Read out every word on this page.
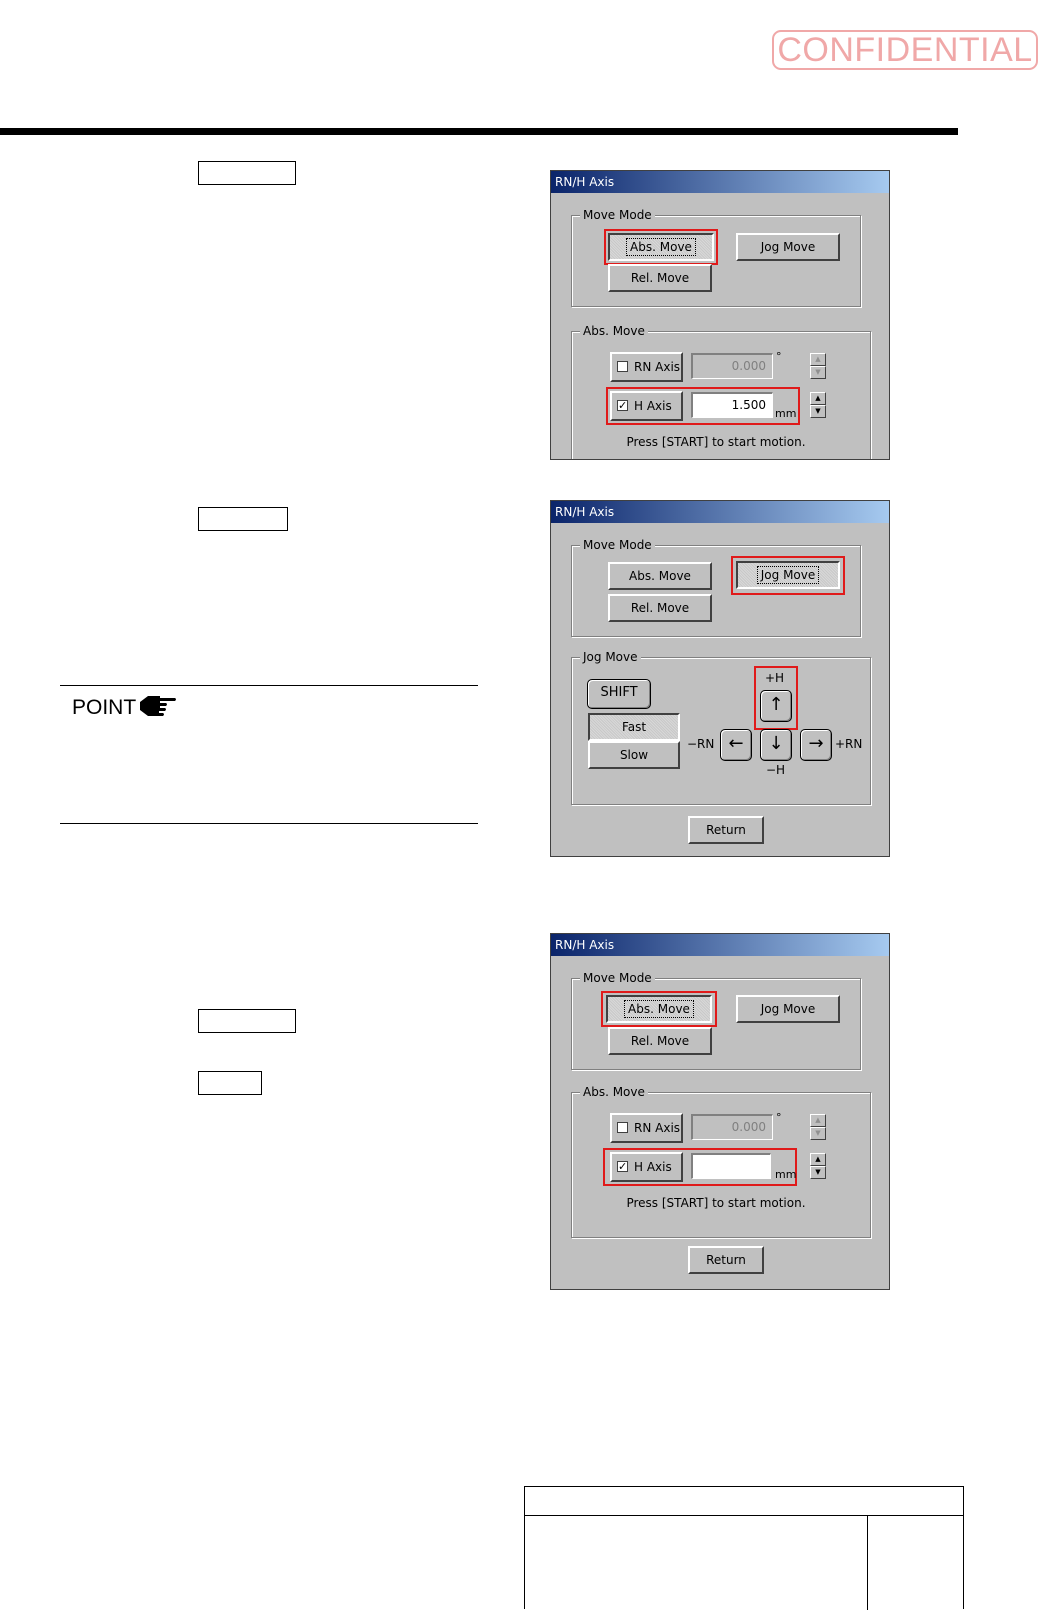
CONFIDENTIAL
POINT
RN/H Axis
Move Mode
Abs. Move	Jog Move
Rel. Move
Abs. Move
RN Axis	0.000
°	▲
▼
✓ H Axis	1.500
mm
▲
▼
Press [START] to start motion.
RN/H Axis
Move Mode
Abs. Move	Jog Move
Rel. Move
Jog Move
SHIFT
Fast
Slow
+H
↑
−RN ←	↓	→ +RN
−H
Return
RN/H Axis
Move Mode
Abs. Move	Jog Move
Rel. Move
Abs. Move
RN Axis	0.000
°	▲
▼
✓ H Axis
mm
▲
▼
Press [START] to start motion.
Return
